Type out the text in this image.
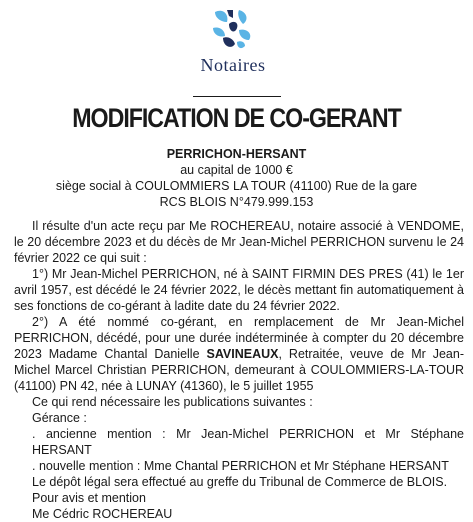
Notaires
MODIFICATION DE CO-GERANT
PERRICHON-HERSANT
au capital de 1000 €
siège social à COULOMMIERS LA TOUR (41100) Rue de la gare
RCS BLOIS N°479.999.153

Il résulte d'un acte reçu par Me ROCHEREAU, notaire associé à VENDOME, le 20 décembre 2023 et du décès de Mr Jean-Michel PERRICHON survenu le 24 février 2022 ce qui suit :

1°) Mr Jean-Michel PERRICHON, né à SAINT FIRMIN DES PRES (41) le 1er avril 1957, est décédé le 24 février 2022, le décès mettant fin automatiquement à ses fonctions de co-gérant à ladite date du 24 février 2022.

2°) A été nommé co-gérant, en remplacement de Mr Jean-Michel PERRICHON, décédé, pour une durée indéterminée à compter du 20 décembre 2023 Madame Chantal Danielle SAVINEAUX, Retraitée, veuve de Mr Jean-Michel Marcel Christian PERRICHON, demeurant à COULOMMIERS-LA-TOUR (41100) PN 42, née à LUNAY (41360), le 5 juillet 1955

Ce qui rend nécessaire les publications suivantes :

Gérance :

. ancienne mention : Mr Jean-Michel PERRICHON et Mr Stéphane HERSANT

. nouvelle mention : Mme Chantal PERRICHON et Mr Stéphane HERSANT

Le dépôt légal sera effectué au greffe du Tribunal de Commerce de BLOIS.

Pour avis et mention

Me Cédric ROCHEREAU
